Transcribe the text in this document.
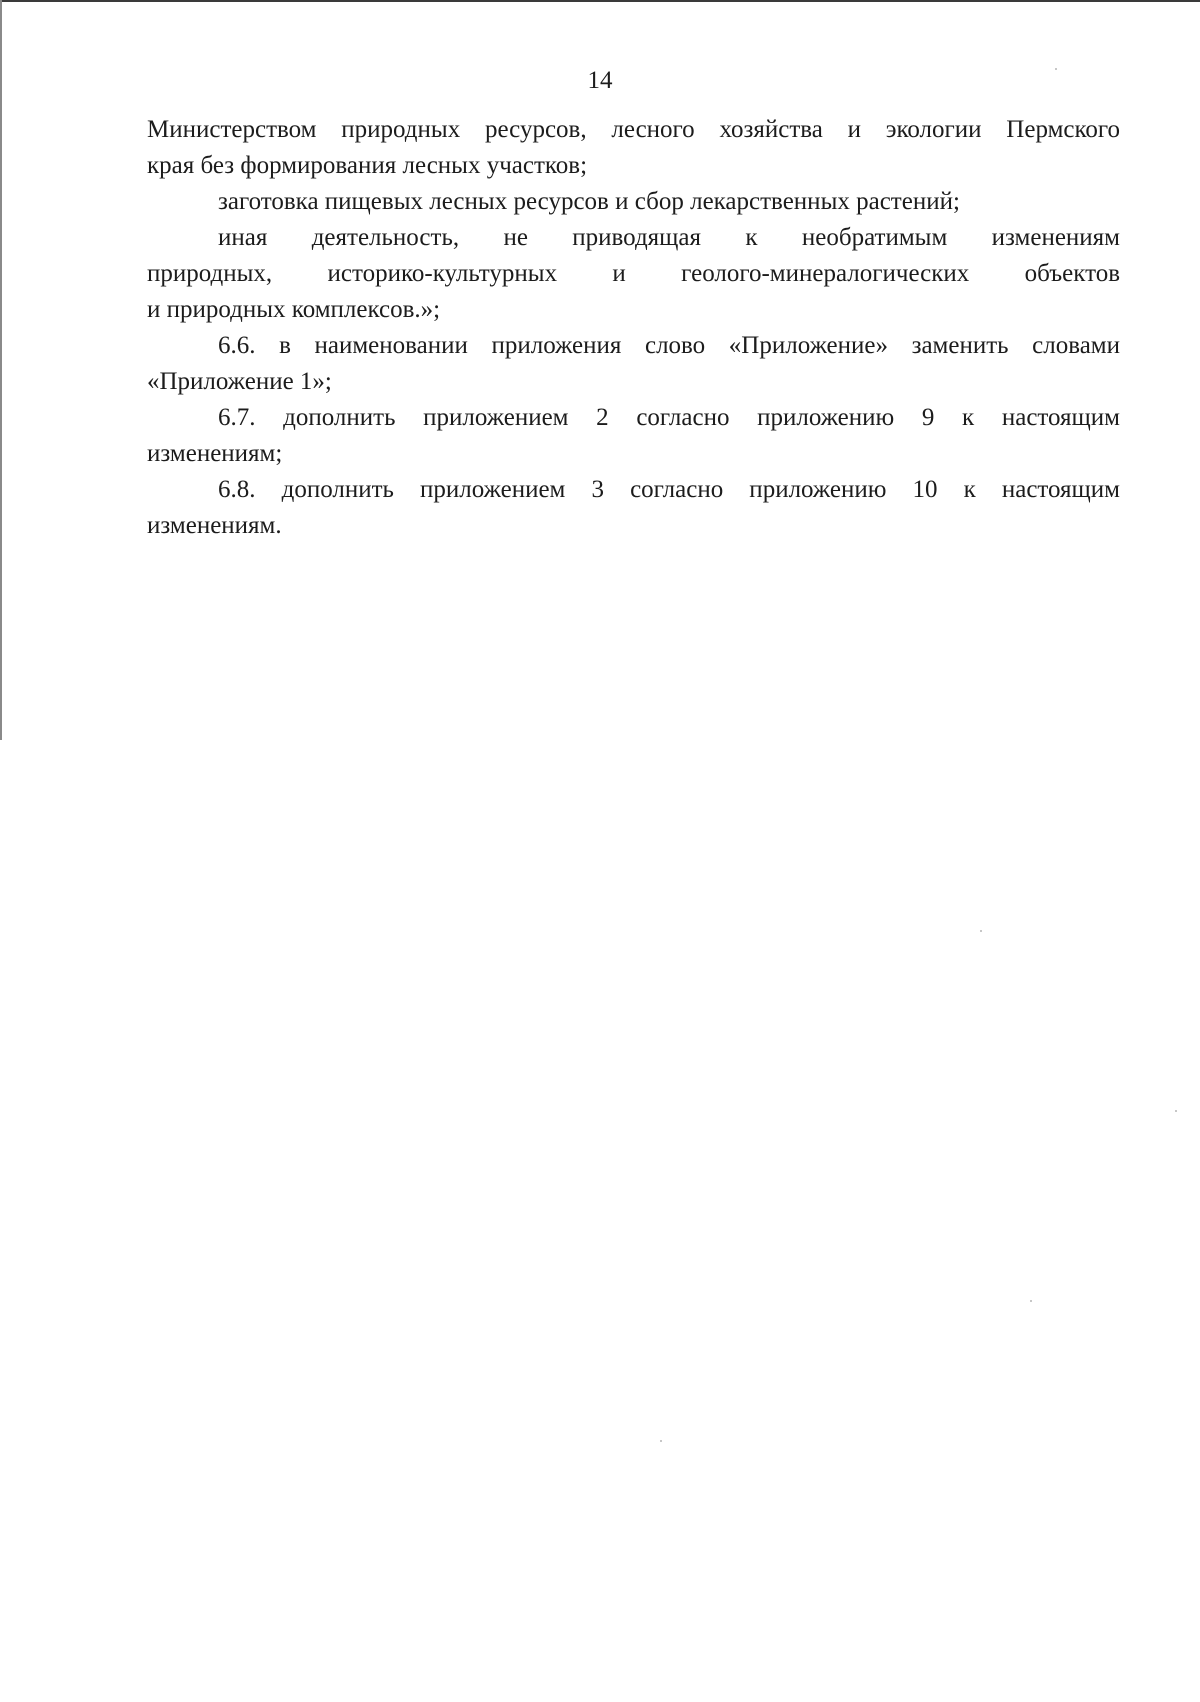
14

Министерством природных ресурсов, лесного хозяйства и экологии Пермского

края без формирования лесных участков;

заготовка пищевых лесных ресурсов и сбор лекарственных растений;

иная деятельность, не приводящая к необратимым изменениям

природных, историко-культурных и геолого-минералогических объектов

и природных комплексов.»;

6.6. в наименовании приложения слово «Приложение» заменить словами

«Приложение 1»;

6.7. дополнить приложением 2 согласно приложению 9 к настоящим

изменениям;

6.8. дополнить приложением 3 согласно приложению 10 к настоящим

изменениям.
